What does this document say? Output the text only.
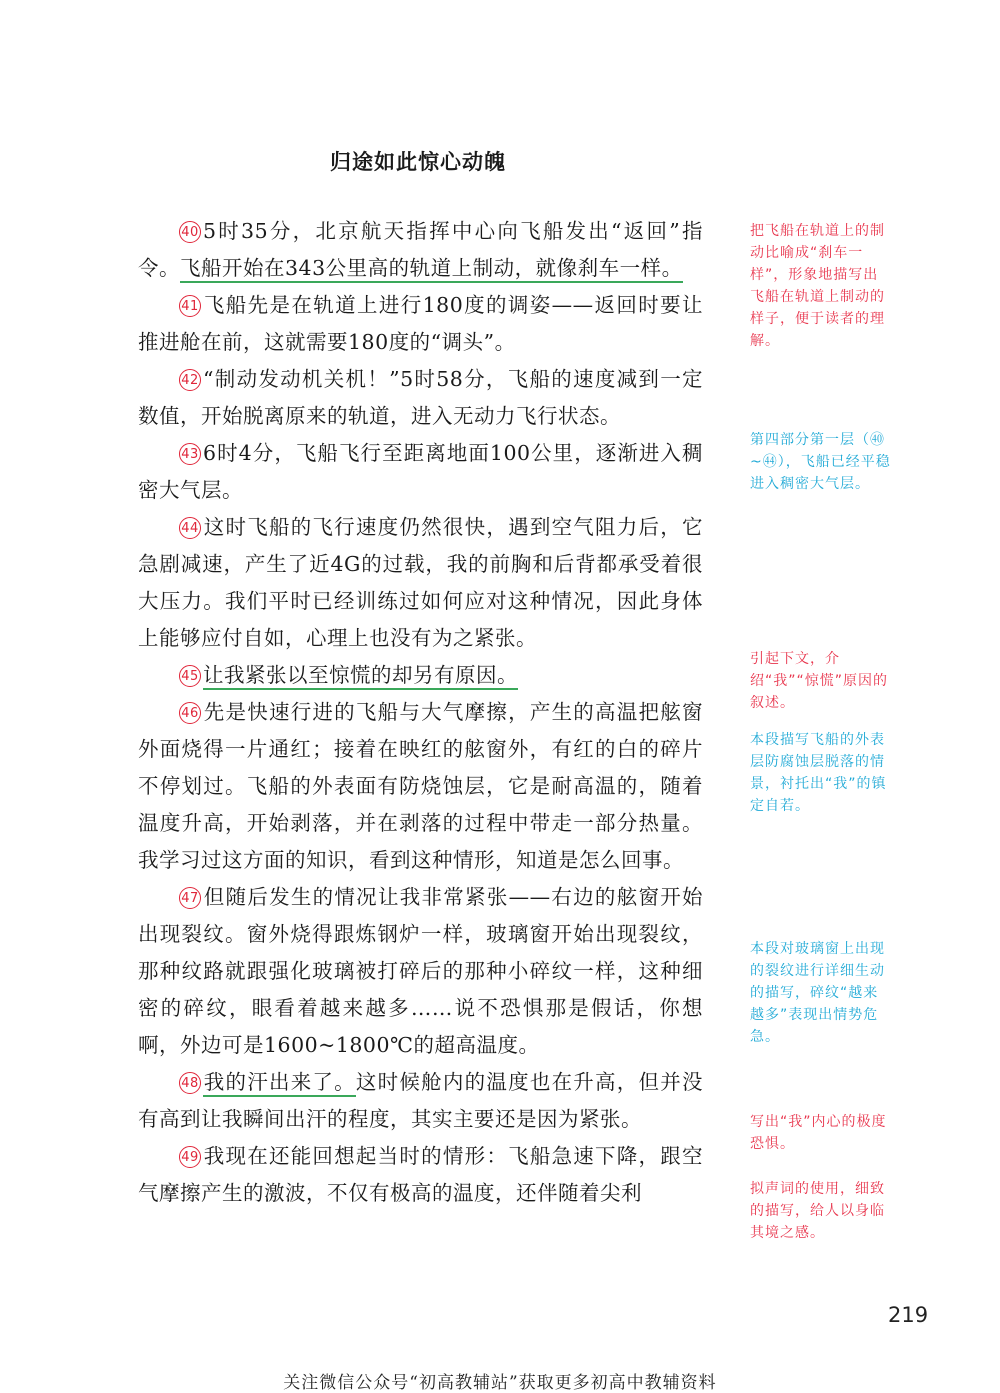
归途如此惊心动魄

40 5时35分，北京航天指挥中心向飞船发出“返回”指令。飞船开始在343公里高的轨道上制动，就像刹车一样。

41 飞船先是在轨道上进行180度的调姿——返回时要让推进舱在前，这就需要180度的“调头”。

42 “制动发动机关机！”5时58分，飞船的速度减到一定数值，开始脱离原来的轨道，进入无动力飞行状态。

43 6时4分，飞船飞行至距离地面100公里，逐渐进入稠密大气层。

44 这时飞船的飞行速度仍然很快，遇到空气阻力后，它急剧减速，产生了近4G的过载，我的前胸和后背都承受着很大压力。我们平时已经训练过如何应对这种情况，因此身体上能够应付自如，心理上也没有为之紧张。

45 让我紧张以至惊慌的却另有原因。

46 先是快速行进的飞船与大气摩擦，产生的高温把舷窗外面烧得一片通红；接着在映红的舷窗外，有红的白的碎片不停划过。飞船的外表面有防烧蚀层，它是耐高温的，随着温度升高，开始剥落，并在剥落的过程中带走一部分热量。我学习过这方面的知识，看到这种情形，知道是怎么回事。

47 但随后发生的情况让我非常紧张——右边的舷窗开始出现裂纹。窗外烧得跟炼钢炉一样，玻璃窗开始出现裂纹，那种纹路就跟强化玻璃被打碎后的那种小碎纹一样，这种细密的碎纹，眼看着越来越多……说不恐惧那是假话，你想啊，外边可是1600~1800℃的超高温度。

48 我的汗出来了。这时候舱内的温度也在升高，但并没有高到让我瞬间出汗的程度，其实主要还是因为紧张。

49 我现在还能回想起当时的情形：飞船急速下降，跟空气摩擦产生的激波，不仅有极高的温度，还伴随着尖利

把飞船在轨道上的制动比喻成“刹车一样”，形象地描写出飞船在轨道上制动的样子，便于读者的理解。
第四部分第一层（㊵~㊹），飞船已经平稳进入稠密大气层。
引起下文，介绍“我”“惊慌”原因的叙述。
本段描写飞船的外表层防腐蚀层脱落的情景，衬托出“我”的镇定自若。
本段对玻璃窗上出现的裂纹进行详细生动的描写，碎纹“越来越多”表现出情势危急。
写出“我”内心的极度恐惧。
拟声词的使用，细致的描写，给人以身临其境之感。
219
关注微信公众号“初高教辅站”获取更多初高中教辅资料
